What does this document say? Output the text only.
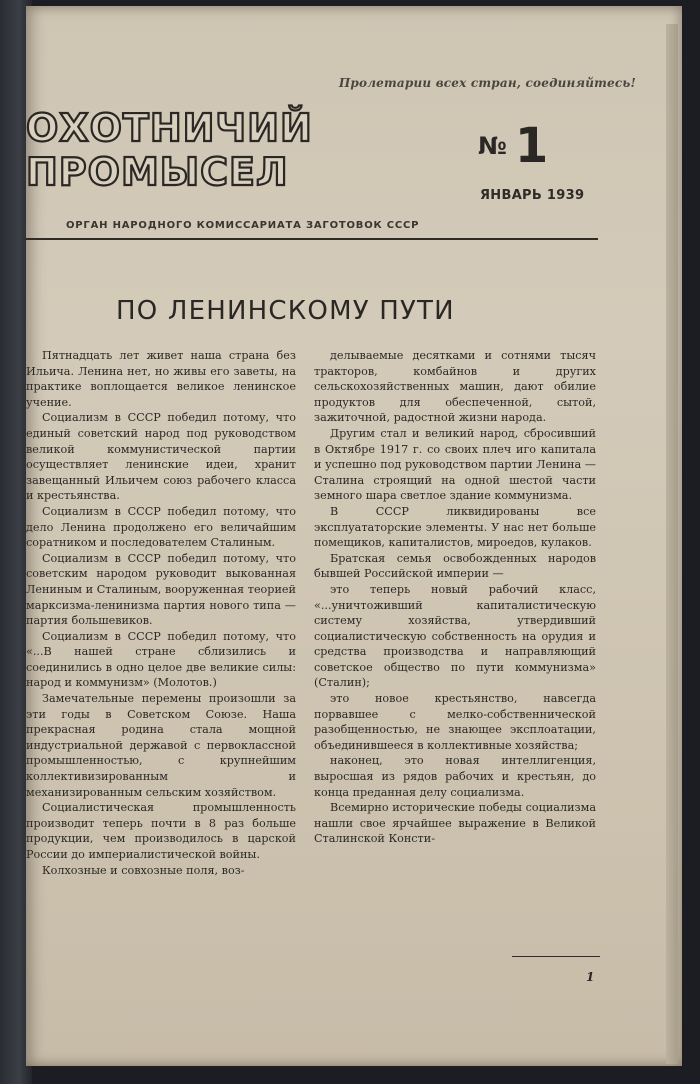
Пролетарии всех стран, соединяйтесь!
ОХОТНИЧИЙ
ПРОМЫСЕЛ
№ 1
ЯНВАРЬ 1939
ОРГАН НАРОДНОГО КОМИССАРИАТА ЗАГОТОВОК СССР
ПО ЛЕНИНСКОМУ ПУТИ

Пятнадцать лет живет наша страна без Ильича. Ленина нет, но живы его заветы, на практике воплощается великое ленинское учение.

Социализм в СССР победил потому, что единый советский народ под руководством великой коммунистической партии осуществляет ленинские идеи, хранит завещанный Ильичем союз рабочего класса и крестьянства.

Социализм в СССР победил потому, что дело Ленина продолжено его величайшим соратником и последователем Сталиным.

Социализм в СССР победил потому, что советским народом руководит выкованная Лениным и Сталиным, вооруженная теорией марксизма-ленинизма партия нового типа — партия большевиков.

Социализм в СССР победил потому, что «...В нашей стране сблизились и соединились в одно целое две великие силы: народ и коммунизм» (Молотов.)

Замечательные перемены произошли за эти годы в Советском Союзе. Наша прекрасная родина стала мощной индустриальной державой с первоклассной промышленностью, с крупнейшим коллективизированным и механизированным сельским хозяйством.

Социалистическая промышленность производит теперь почти в 8 раз больше продукции, чем производилось в царской России до империалистической войны.

Колхозные и совхозные поля, воз-

делываемые десятками и сотнями тысяч тракторов, комбайнов и других сельскохозяйственных машин, дают обилие продуктов для обеспеченной, сытой, зажиточной, радостной жизни народа.

Другим стал и великий народ, сбросивший в Октябре 1917 г. со своих плеч иго капитала и успешно под руководством партии Ленина — Сталина строящий на одной шестой части земного шара светлое здание коммунизма.

В СССР ликвидированы все эксплуататорские элементы. У нас нет больше помещиков, капиталистов, мироедов, кулаков.

Братская семья освобожденных народов бывшей Российской империи —

это теперь новый рабочий класс, «...уничтоживший капиталистическую систему хозяйства, утвердивший социалистическую собственность на орудия и средства производства и направляющий советское общество по пути коммунизма» (Сталин);

это новое крестьянство, навсегда порвавшее с мелко-собственнической разобщенностью, не знающее эксплоатации, объединившееся в коллективные хозяйства;

наконец, это новая интеллигенция, выросшая из рядов рабочих и крестьян, до конца преданная делу социализма.

Всемирно исторические победы социализма нашли свое ярчайшее выражение в Великой Сталинской Консти-

1
